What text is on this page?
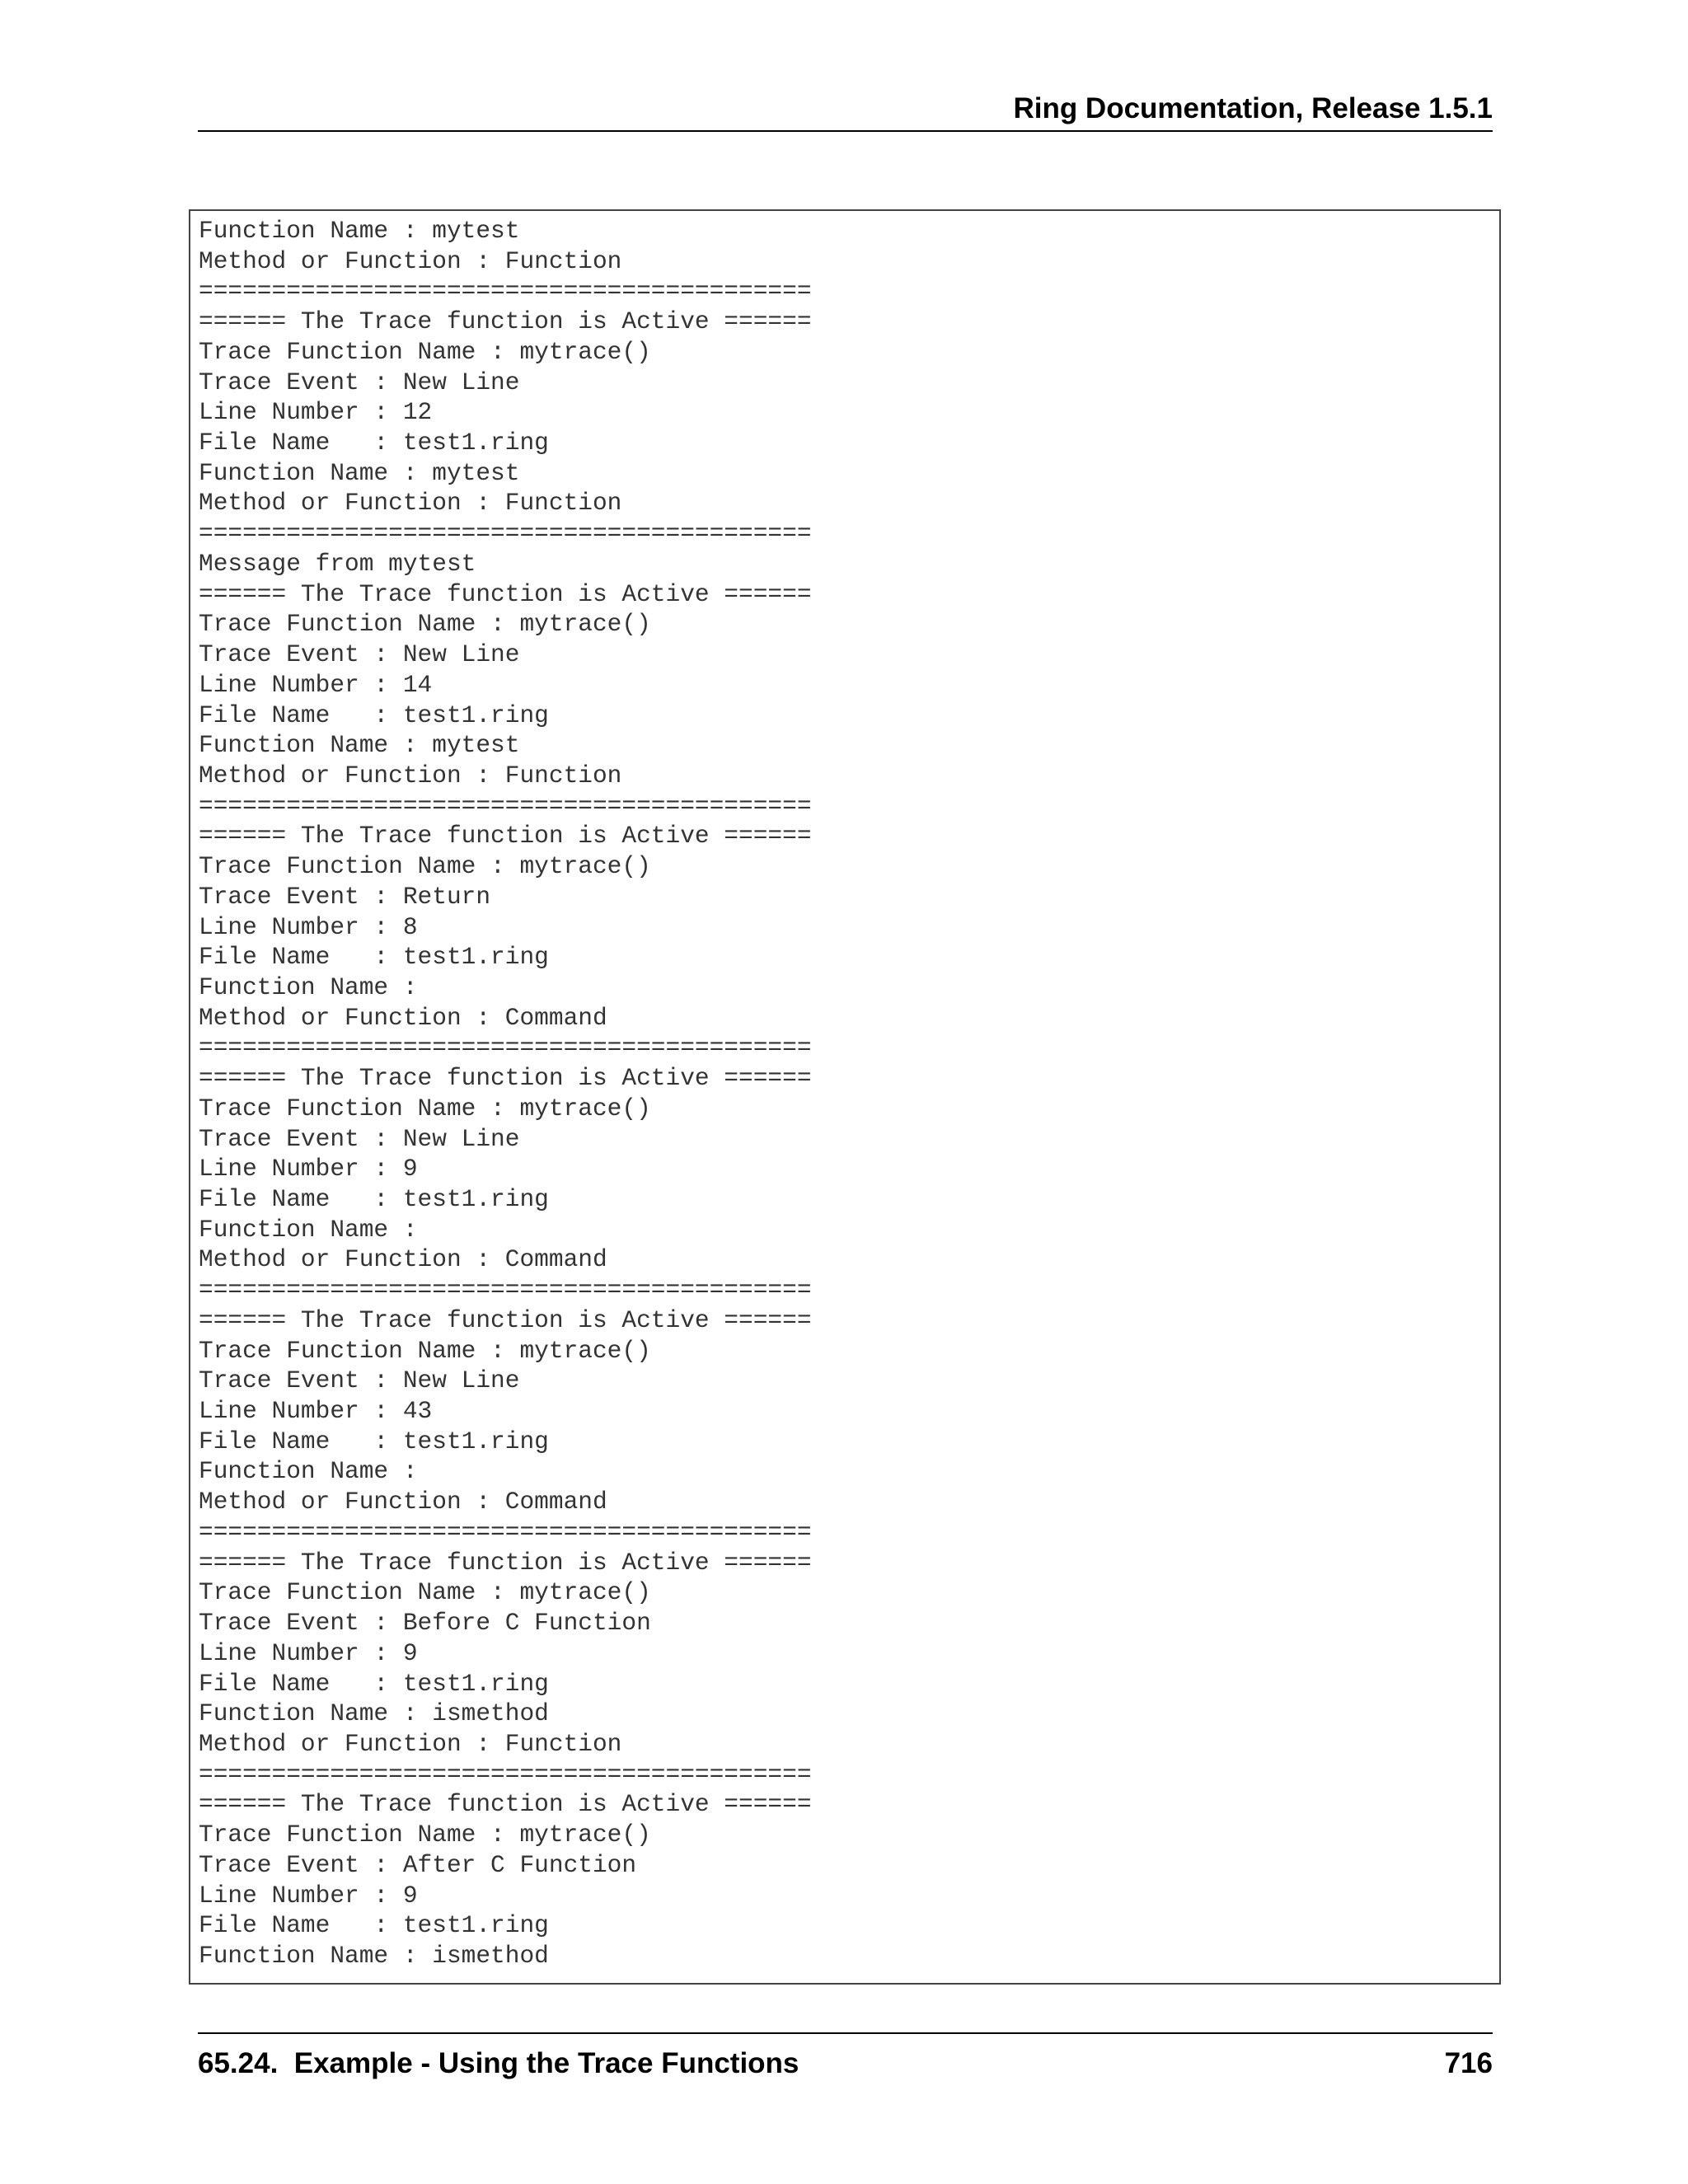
Ring Documentation, Release 1.5.1
Function Name : mytest
Method or Function : Function
==========================================
====== The Trace function is Active ======
Trace Function Name : mytrace()
Trace Event : New Line
Line Number : 12
File Name   : test1.ring
Function Name : mytest
Method or Function : Function
==========================================
Message from mytest
====== The Trace function is Active ======
Trace Function Name : mytrace()
Trace Event : New Line
Line Number : 14
File Name   : test1.ring
Function Name : mytest
Method or Function : Function
==========================================
====== The Trace function is Active ======
Trace Function Name : mytrace()
Trace Event : Return
Line Number : 8
File Name   : test1.ring
Function Name :
Method or Function : Command
==========================================
====== The Trace function is Active ======
Trace Function Name : mytrace()
Trace Event : New Line
Line Number : 9
File Name   : test1.ring
Function Name :
Method or Function : Command
==========================================
====== The Trace function is Active ======
Trace Function Name : mytrace()
Trace Event : New Line
Line Number : 43
File Name   : test1.ring
Function Name :
Method or Function : Command
==========================================
====== The Trace function is Active ======
Trace Function Name : mytrace()
Trace Event : Before C Function
Line Number : 9
File Name   : test1.ring
Function Name : ismethod
Method or Function : Function
==========================================
====== The Trace function is Active ======
Trace Function Name : mytrace()
Trace Event : After C Function
Line Number : 9
File Name   : test1.ring
Function Name : ismethod
65.24.  Example - Using the Trace Functions	716
